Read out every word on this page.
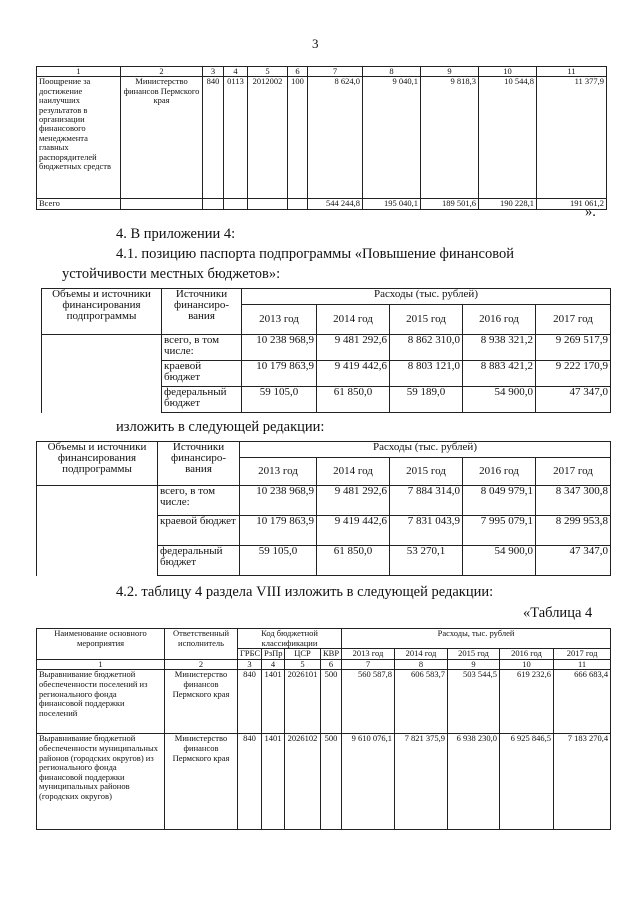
3
1	2	3	4	5	6	7	8	9	10	11
Поощрение за достижение наилучших результатов в организации финансового менеджмента главных распорядителей бюджетных средств	Министерство финансов Пермского края	840	0113	2012002	100	8 624,0	9 040,1	9 818,3	10 544,8	11 377,9
Всего						544 244,8	195 040,1	189 501,6	190 228,1	191 061,2
».
4. В приложении 4:
4.1. позицию паспорта подпрограммы «Повышение финансовой
устойчивости местных бюджетов»:
Объемы и источники финансирования подпрограммы	Источники финансиро-вания	Расходы (тыс. рублей)				
		2013 год	2014 год	2015 год	2016 год	2017 год
	всего, в том числе:	10 238 968,9	9 481 292,6	8 862 310,0	8 938 321,2	9 269 517,9
	краевой бюджет	10 179 863,9	9 419 442,6	8 803 121,0	8 883 421,2	9 222 170,9
	федеральный бюджет	59 105,0	61 850,0	59 189,0	54 900,0	47 347,0
изложить в следующей редакции:
Объемы и источники финансирования подпрограммы	Источники финансиро-вания	Расходы (тыс. рублей)				
		2013 год	2014 год	2015 год	2016 год	2017 год
	всего, в том числе:	10 238 968,9	9 481 292,6	7 884 314,0	8 049 979,1	8 347 300,8
	краевой бюджет	10 179 863,9	9 419 442,6	7 831 043,9	7 995 079,1	8 299 953,8
	федеральный бюджет	59 105,0	61 850,0	53 270,1	54 900,0	47 347,0
4.2. таблицу 4 раздела VIII изложить в следующей редакции:
«Таблица 4
Наименование основного мероприятия	Ответственный исполнитель	Код бюджетной классификации				Расходы, тыс. рублей				
		ГРБС	РзПр	ЦСР	КВР	2013 год	2014 год	2015 год	2016 год	2017 год
1	2	3	4	5	6	7	8	9	10	11
Выравнивание бюджетной обеспеченности поселений из регионального фонда финансовой поддержки поселений	Министерство финансов Пермского края	840	1401	2026101	500	560 587,8	606 583,7	503 544,5	619 232,6	666 683,4
Выравнивание бюджетной обеспеченности муниципальных районов (городских округов) из регионального фонда финансовой поддержки муниципальных районов (городских округов)	Министерство финансов Пермского края	840	1401	2026102	500	9 610 076,1	7 821 375,9	6 938 230,0	6 925 846,5	7 183 270,4
